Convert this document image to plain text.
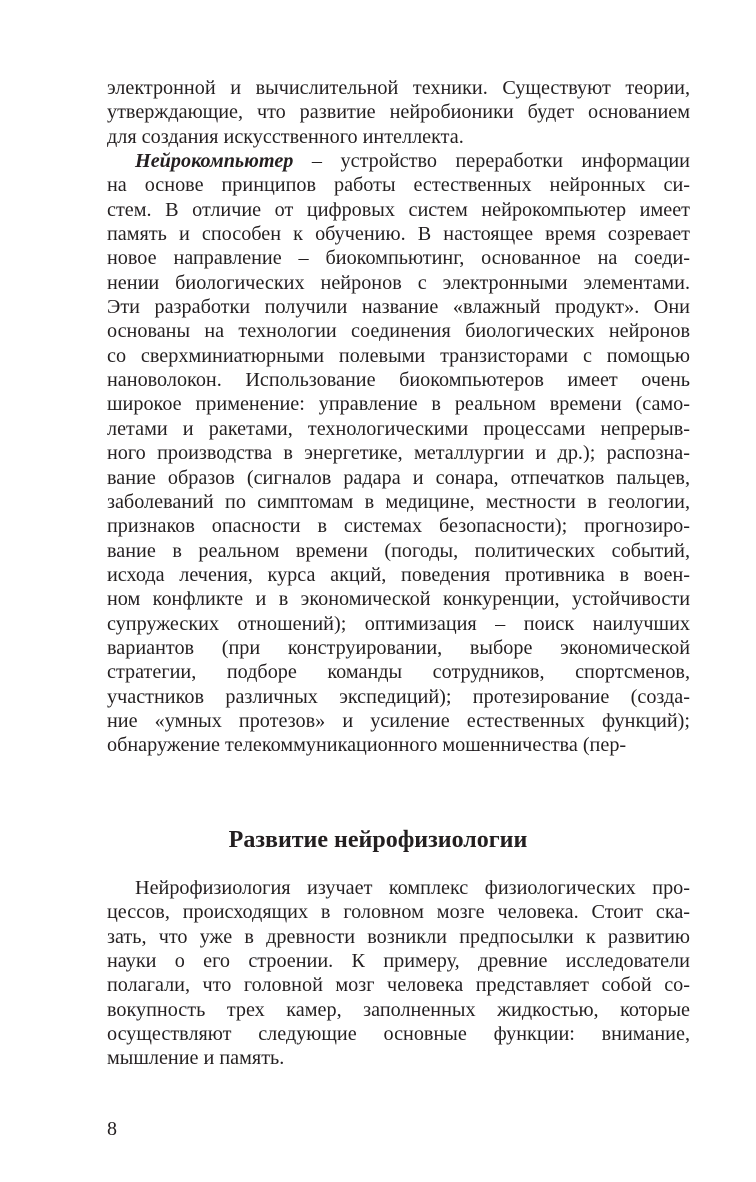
электронной и вычислительной техники. Существуют теории,
утверждающие, что развитие нейробионики будет основанием
для создания искусственного интеллекта.
Нейрокомпьютер – устройство переработки информации
на основе принципов работы естественных нейронных си-
стем. В отличие от цифровых систем нейрокомпьютер имеет
память и способен к обучению. В настоящее время созревает
новое направление – биокомпьютинг, основанное на соеди-
нении биологических нейронов с электронными элементами.
Эти разработки получили название «влажный продукт». Они
основаны на технологии соединения биологических нейронов
со сверхминиатюрными полевыми транзисторами с помощью
нановолокон. Использование биокомпьютеров имеет очень
широкое применение: управление в реальном времени (само-
летами и ракетами, технологическими процессами непрерыв-
ного производства в энергетике, металлургии и др.); распозна-
вание образов (сигналов радара и сонара, отпечатков пальцев,
заболеваний по симптомам в медицине, местности в геологии,
признаков опасности в системах безопасности); прогнозиро-
вание в реальном времени (погоды, политических событий,
исхода лечения, курса акций, поведения противника в воен-
ном конфликте и в экономической конкуренции, устойчивости
супружеских отношений); оптимизация – поиск наилучших
вариантов (при конструировании, выборе экономической
стратегии, подборе команды сотрудников, спортсменов,
участников различных экспедиций); протезирование (созда-
ние «умных протезов» и усиление естественных функций);
обнаружение телекоммуникационного мошенничества (пер-
Развитие нейрофизиологии
Нейрофизиология изучает комплекс физиологических про-
цессов, происходящих в головном мозге человека. Стоит ска-
зать, что уже в древности возникли предпосылки к развитию
науки о его строении. К примеру, древние исследователи
полагали, что головной мозг человека представляет собой со-
вокупность трех камер, заполненных жидкостью, которые
осуществляют следующие основные функции: внимание,
мышление и память.
8
